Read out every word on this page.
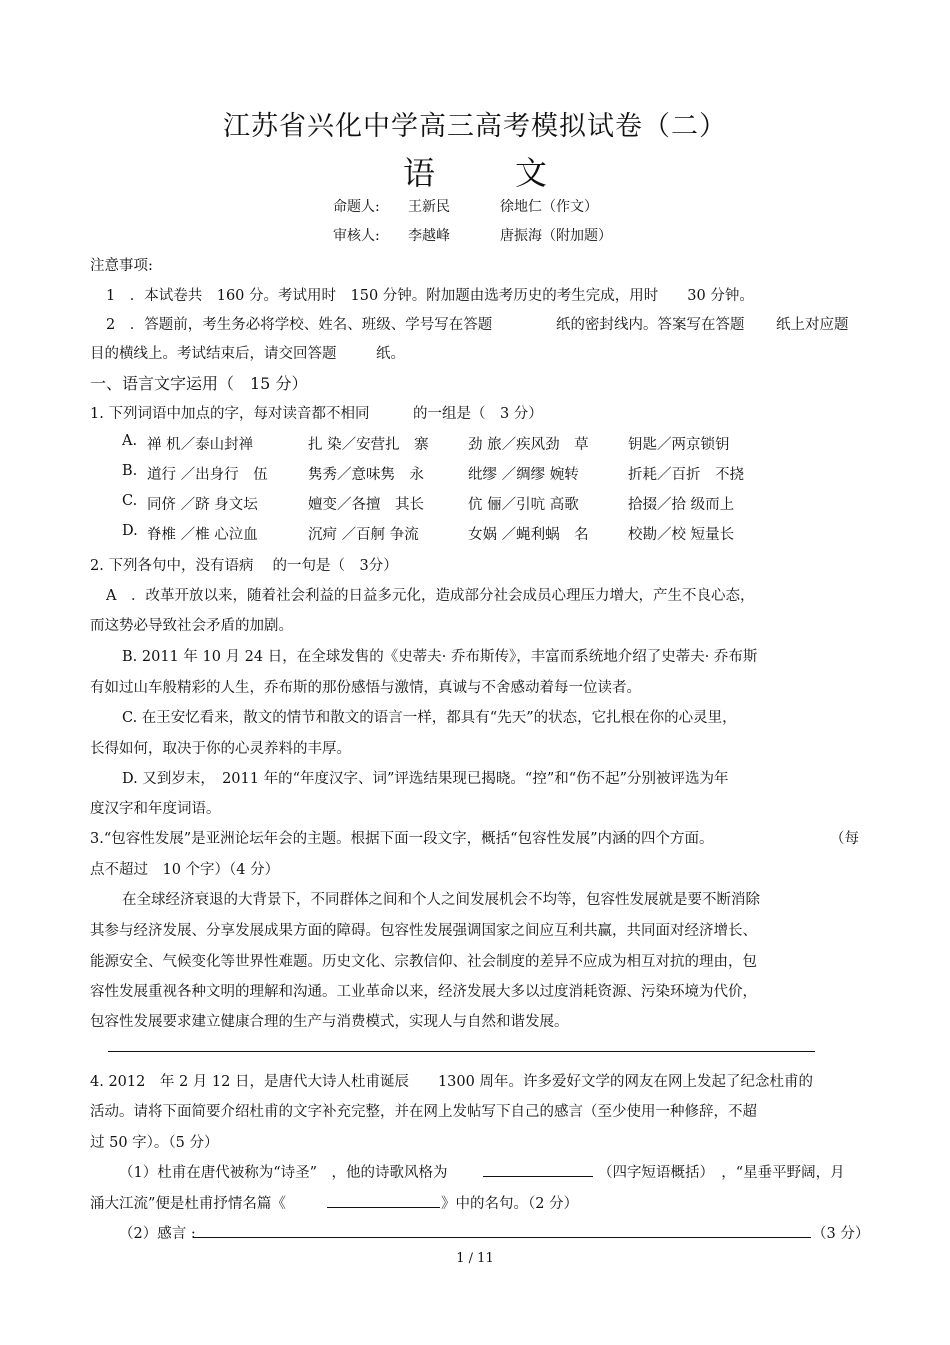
江苏省兴化中学高三高考模拟试卷（二）
语文
命题人: 王新民	徐地仁（作文）
审核人: 李越峰	唐振海（附加题）
注意事项:
1　．本试卷共　160 分。考试用时　150 分钟。附加题由选考历史的考生完成，用时　　30 分钟。
2　．答题前，考生务必将学校、姓名、班级、学号写在答题	纸的密封线内。答案写在答题 纸上对应题
目的横线上。考试结束后，请交回答题	纸。
一、语言文字运用（　15 分）
1. 下列词语中加点的字，每对读音都不相同　　　的一组是（　3 分）
A. 禅 机／泰山封禅	扎 染／安营扎　寨	劲 旅／疾风劲　草	钥匙／两京锁钥
B. 道行 ／出身行　伍	隽秀／意味隽　永	纰缪 ／绸缪 婉转	折耗／百折　不挠
C. 同侪 ／跻 身文坛	嬗变／各擅　其长	伉 俪／引吭 高歌	拾掇／拾 级而上
D. 脊椎 ／椎 心泣血	沉疴 ／百舸 争流	女娲 ／蝇利蜗　名	校勘／校 短量长
2. 下列各句中，没有语病　 的一句是（　3分）
A　．改革开放以来，随着社会利益的日益多元化，造成部分社会成员心理压力增大，产生不良心态，
而这势必导致社会矛盾的加剧。
B. 2011 年 10 月 24 日，在全球发售的《史蒂夫· 乔布斯传》，丰富而系统地介绍了史蒂夫· 乔布斯
有如过山车般精彩的人生，乔布斯的那份感悟与激情，真诚与不舍感动着每一位读者。
C. 在王安忆看来，散文的情节和散文的语言一样，都具有“先天”的状态，它扎根在你的心灵里，
长得如何，取决于你的心灵养料的丰厚。
D. 又到岁末，　2011 年的“年度汉字、词”评选结果现已揭晓。“控”和“伤不起”分别被评选为年
度汉字和年度词语。
3.“包容性发展”是亚洲论坛年会的主题。根据下面一段文字，概括“包容性发展”内涵的四个方面。	（每
点不超过　10 个字）（4 分）
在全球经济衰退的大背景下，不同群体之间和个人之间发展机会不均等，包容性发展就是要不断消除
其参与经济发展、分享发展成果方面的障碍。包容性发展强调国家之间应互利共赢，共同面对经济增长、
能源安全、气候变化等世界性难题。历史文化、宗教信仰、社会制度的差异不应成为相互对抗的理由，包
容性发展重视各种文明的理解和沟通。工业革命以来，经济发展大多以过度消耗资源、污染环境为代价，
包容性发展要求建立健康合理的生产与消费模式，实现人与自然和谐发展。
4. 2012　年 2 月 12 日，是唐代大诗人杜甫诞辰　　1300 周年。许多爱好文学的网友在网上发起了纪念杜甫的
活动。请将下面简要介绍杜甫的文字补充完整，并在网上发帖写下自己的感言（至少使用一种修辞，不超
过 50 字）。（5 分）
（1）杜甫在唐代被称为“诗圣”　，他的诗歌风格为	（四字短语概括）　，“星垂平野阔，月
涌大江流”便是杜甫抒情名篇《	》中的名句。（2 分）
（2）感言 :	（3 分）
1 / 11
